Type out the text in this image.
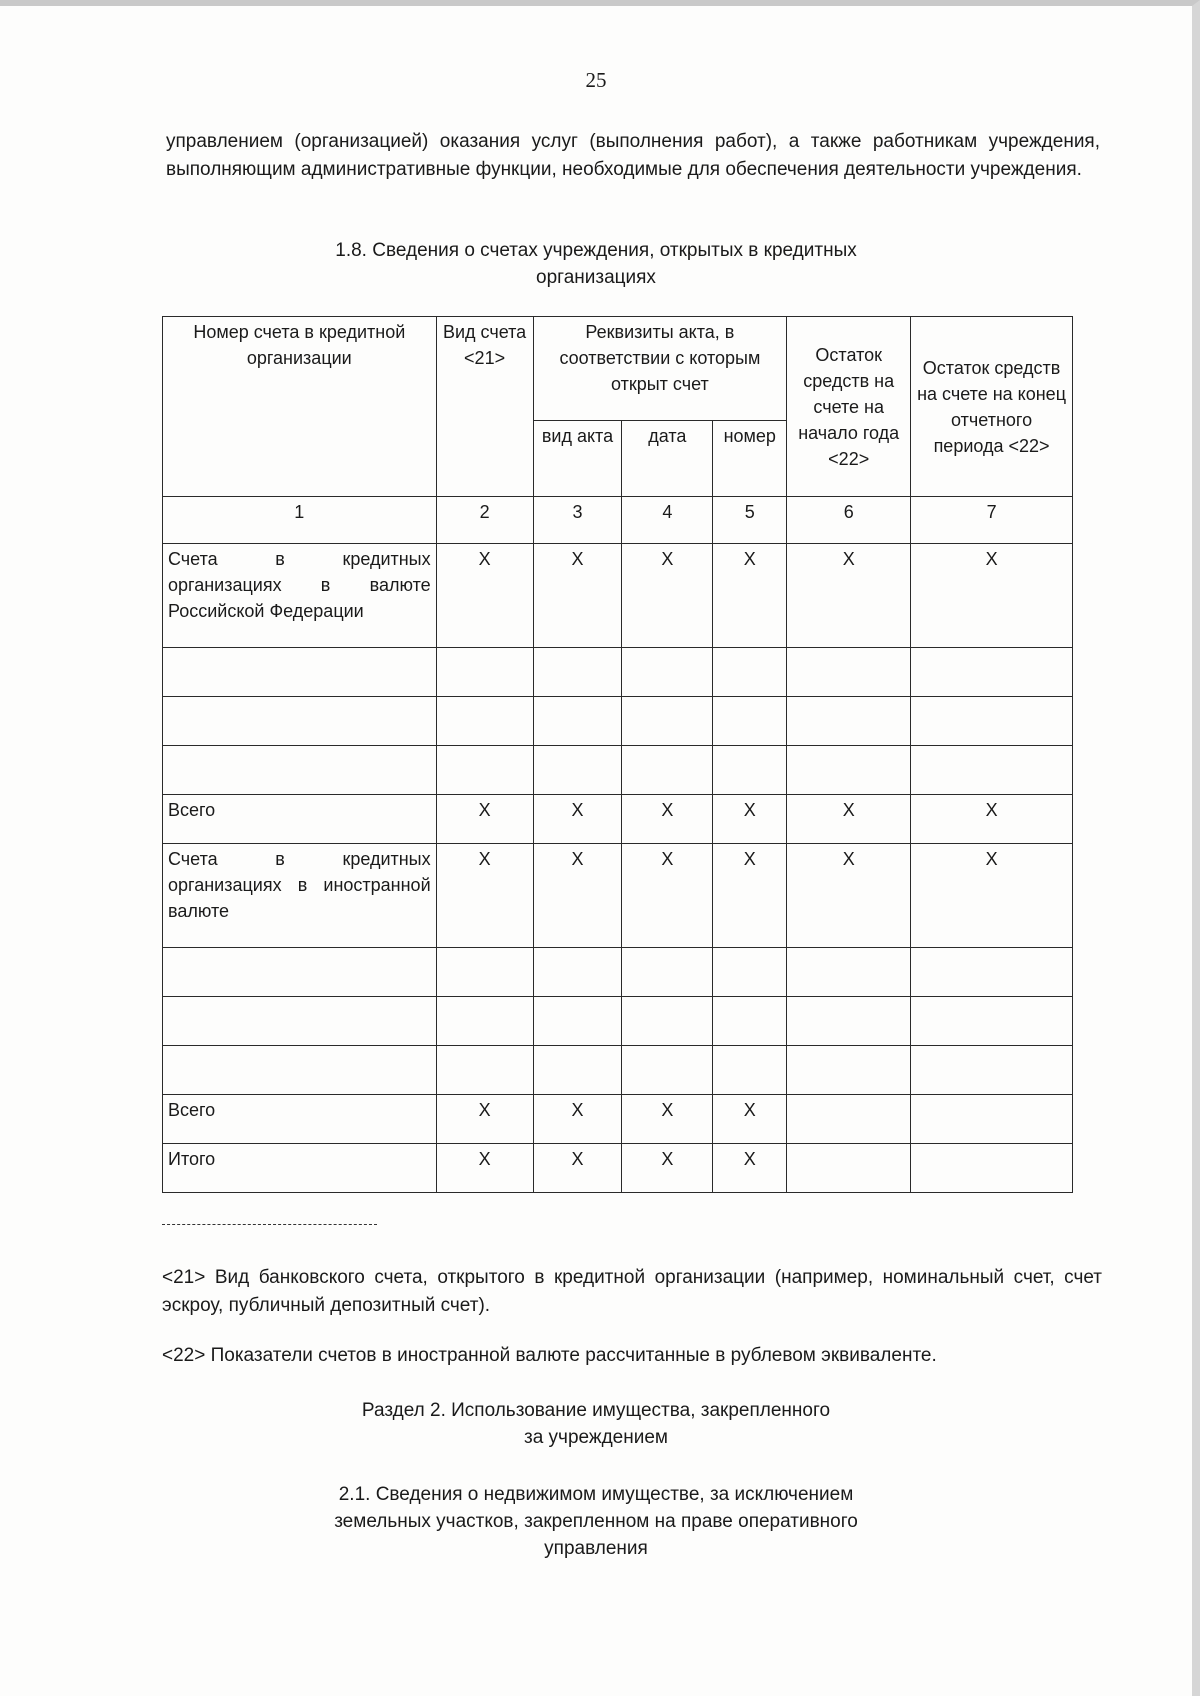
25
управлением (организацией) оказания услуг (выполнения работ), а также работникам учреждения, выполняющим административные функции, необходимые для обеспечения деятельности учреждения.
1.8. Сведения о счетах учреждения, открытых в кредитных
организациях
Номер счета в кредитной организации	Вид счета <21>	Реквизиты акта, в соответствии с которым открыт счет			Остаток средств на счете на начало года <22>	Остаток средств на счете на конец отчетного периода <22>
		вид акта	дата	номер		
1	2	3	4	5	6	7
Счета в кредитных организациях в валюте Российской Федерации	X	X	X	X	X	X

Всего	X	X	X	X	X	X
Счета в кредитных организациях в иностранной валюте	X	X	X	X	X	X

Всего	X	X	X	X		
Итого	X	X	X	X		
<21> Вид банковского счета, открытого в кредитной организации (например, номинальный счет, счет эскроу, публичный депозитный счет).
<22> Показатели счетов в иностранной валюте рассчитанные в рублевом эквиваленте.
Раздел 2. Использование имущества, закрепленного
за учреждением
2.1. Сведения о недвижимом имуществе, за исключением
земельных участков, закрепленном на праве оперативного
управления
